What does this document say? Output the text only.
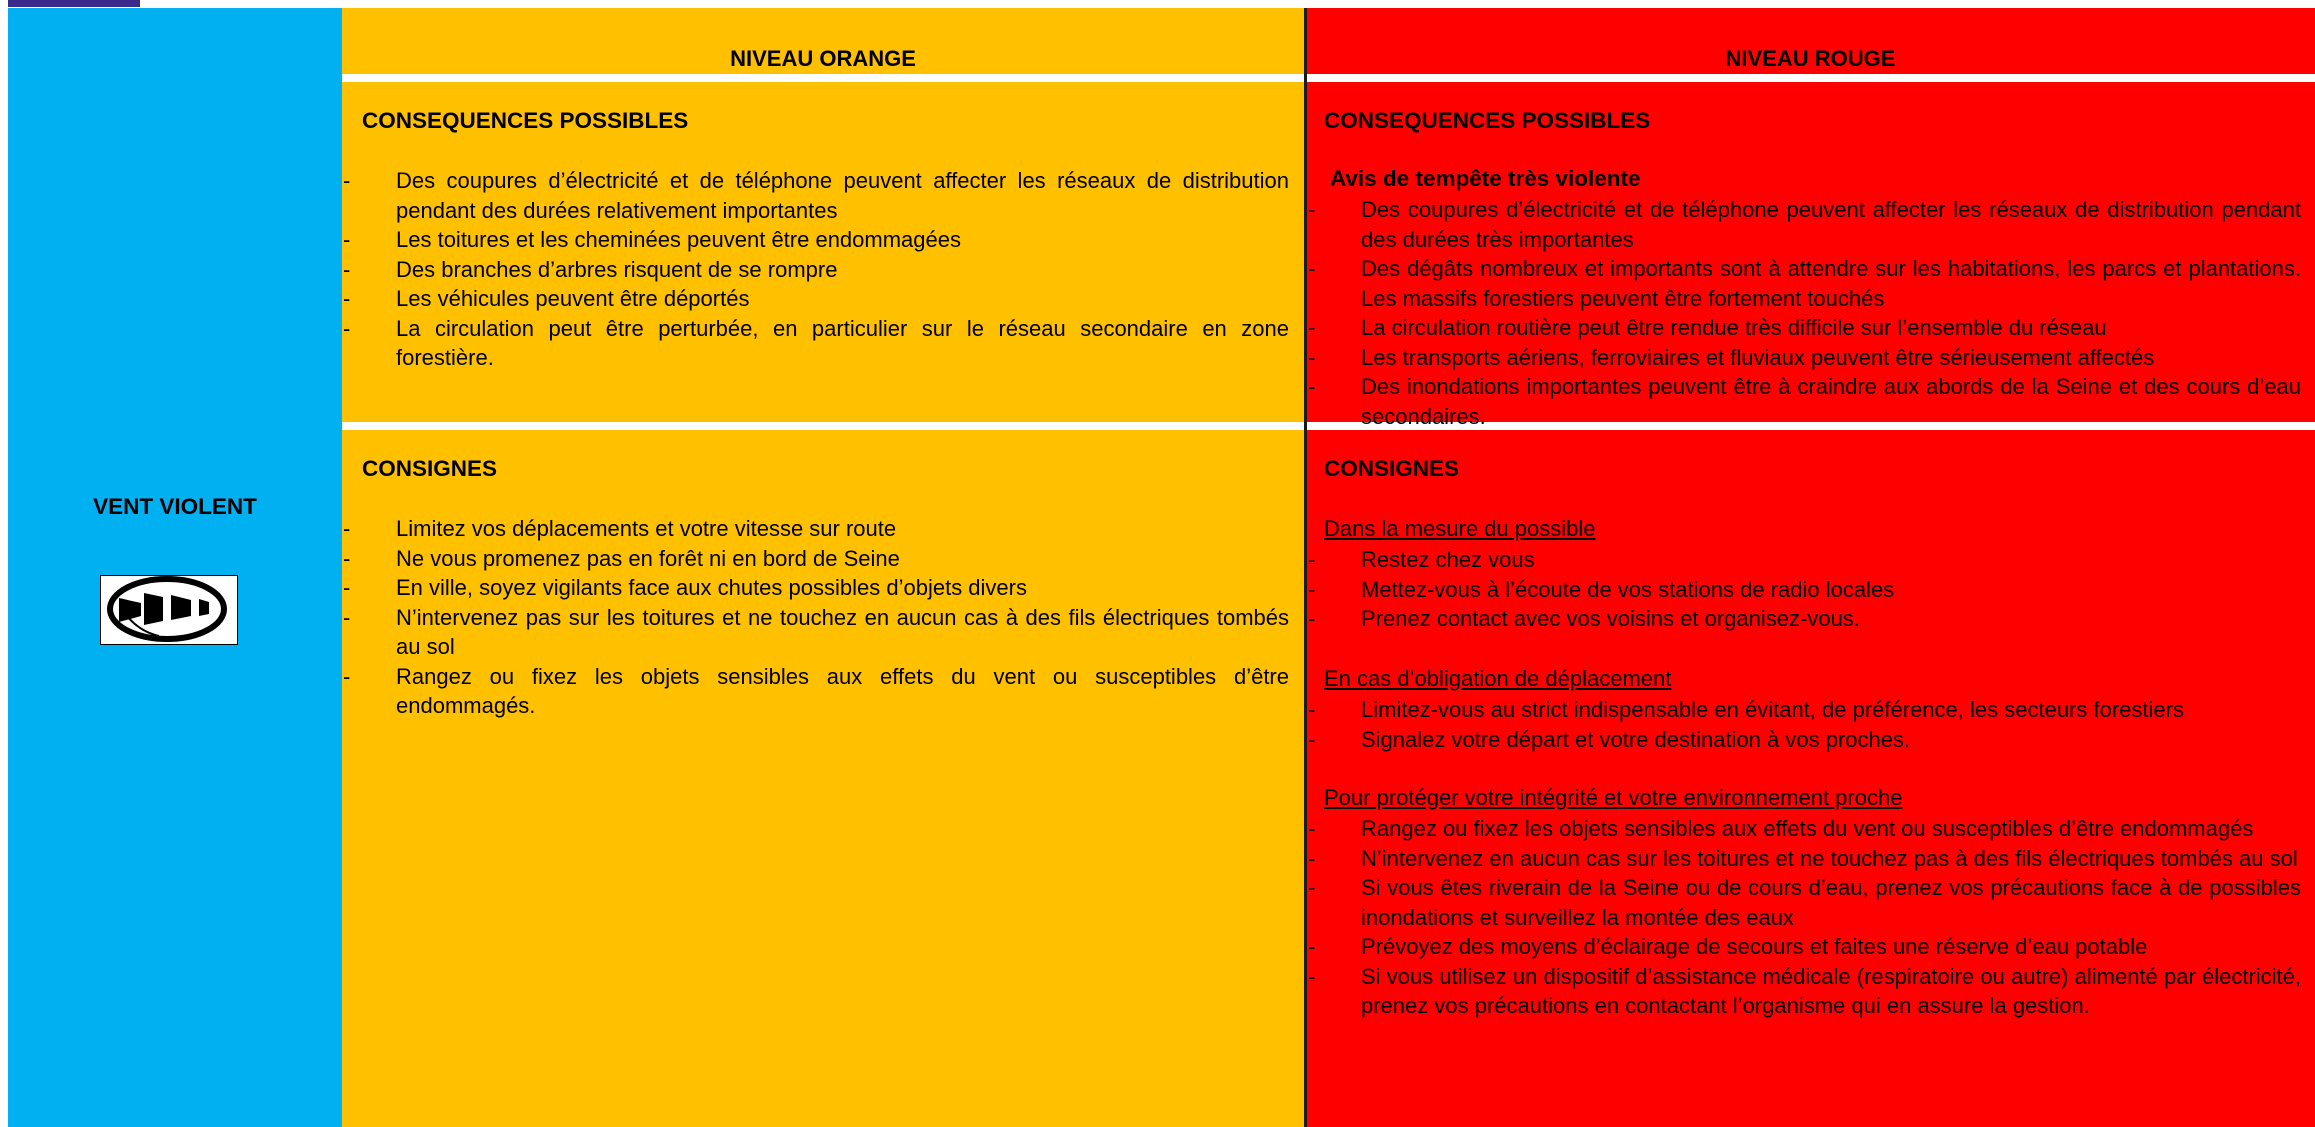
NIVEAU ORANGE	NIVEAU ROUGE
CONSEQUENCES POSSIBLES
- Des coupures d’électricité et de téléphone peuvent affecter les réseaux de distribution pendant des durées relativement importantes
- Les toitures et les cheminées peuvent être endommagées
- Des branches d’arbres risquent de se rompre
- Les véhicules peuvent être déportés
- La circulation peut être perturbée, en particulier sur le réseau secondaire en zone forestière.
CONSEQUENCES POSSIBLES
Avis de tempête très violente
- Des coupures d’électricité et de téléphone peuvent affecter les réseaux de distribution pendant des durées très importantes
- Des dégâts nombreux et importants sont à attendre sur les habitations, les parcs et plantations. Les massifs forestiers peuvent être fortement touchés
- La circulation routière peut être rendue très difficile sur l’ensemble du réseau
- Les transports aériens, ferroviaires et fluviaux peuvent être sérieusement affectés
- Des inondations importantes peuvent être à craindre aux abords de la Seine et des cours d’eau secondaires.
CONSIGNES
- Limitez vos déplacements et votre vitesse sur route
- Ne vous promenez pas en forêt ni en bord de Seine
- En ville, soyez vigilants face aux chutes possibles d’objets divers
- N’intervenez pas sur les toitures et ne touchez en aucun cas à des fils électriques tombés au sol
- Rangez ou fixez les objets sensibles aux effets du vent ou susceptibles d’être endommagés.
CONSIGNES
Dans la mesure du possible
- Restez chez vous
- Mettez-vous à l’écoute de vos stations de radio locales
- Prenez contact avec vos voisins et organisez-vous.
En cas d’obligation de déplacement
- Limitez-vous au strict indispensable en évitant, de préférence, les secteurs forestiers
- Signalez votre départ et votre destination à vos proches.
Pour protéger votre intégrité et votre environnement proche
- Rangez ou fixez les objets sensibles aux effets du vent ou susceptibles d’être endommagés
- N’intervenez en aucun cas sur les toitures et ne touchez pas à des fils électriques tombés au sol
- Si vous êtes riverain de la Seine ou de cours d’eau, prenez vos précautions face à de possibles inondations et surveillez la montée des eaux
- Prévoyez des moyens d’éclairage de secours et faites une réserve d’eau potable
- Si vous utilisez un dispositif d’assistance médicale (respiratoire ou autre) alimenté par électricité, prenez vos précautions en contactant l’organisme qui en assure la gestion.
VENT VIOLENT
